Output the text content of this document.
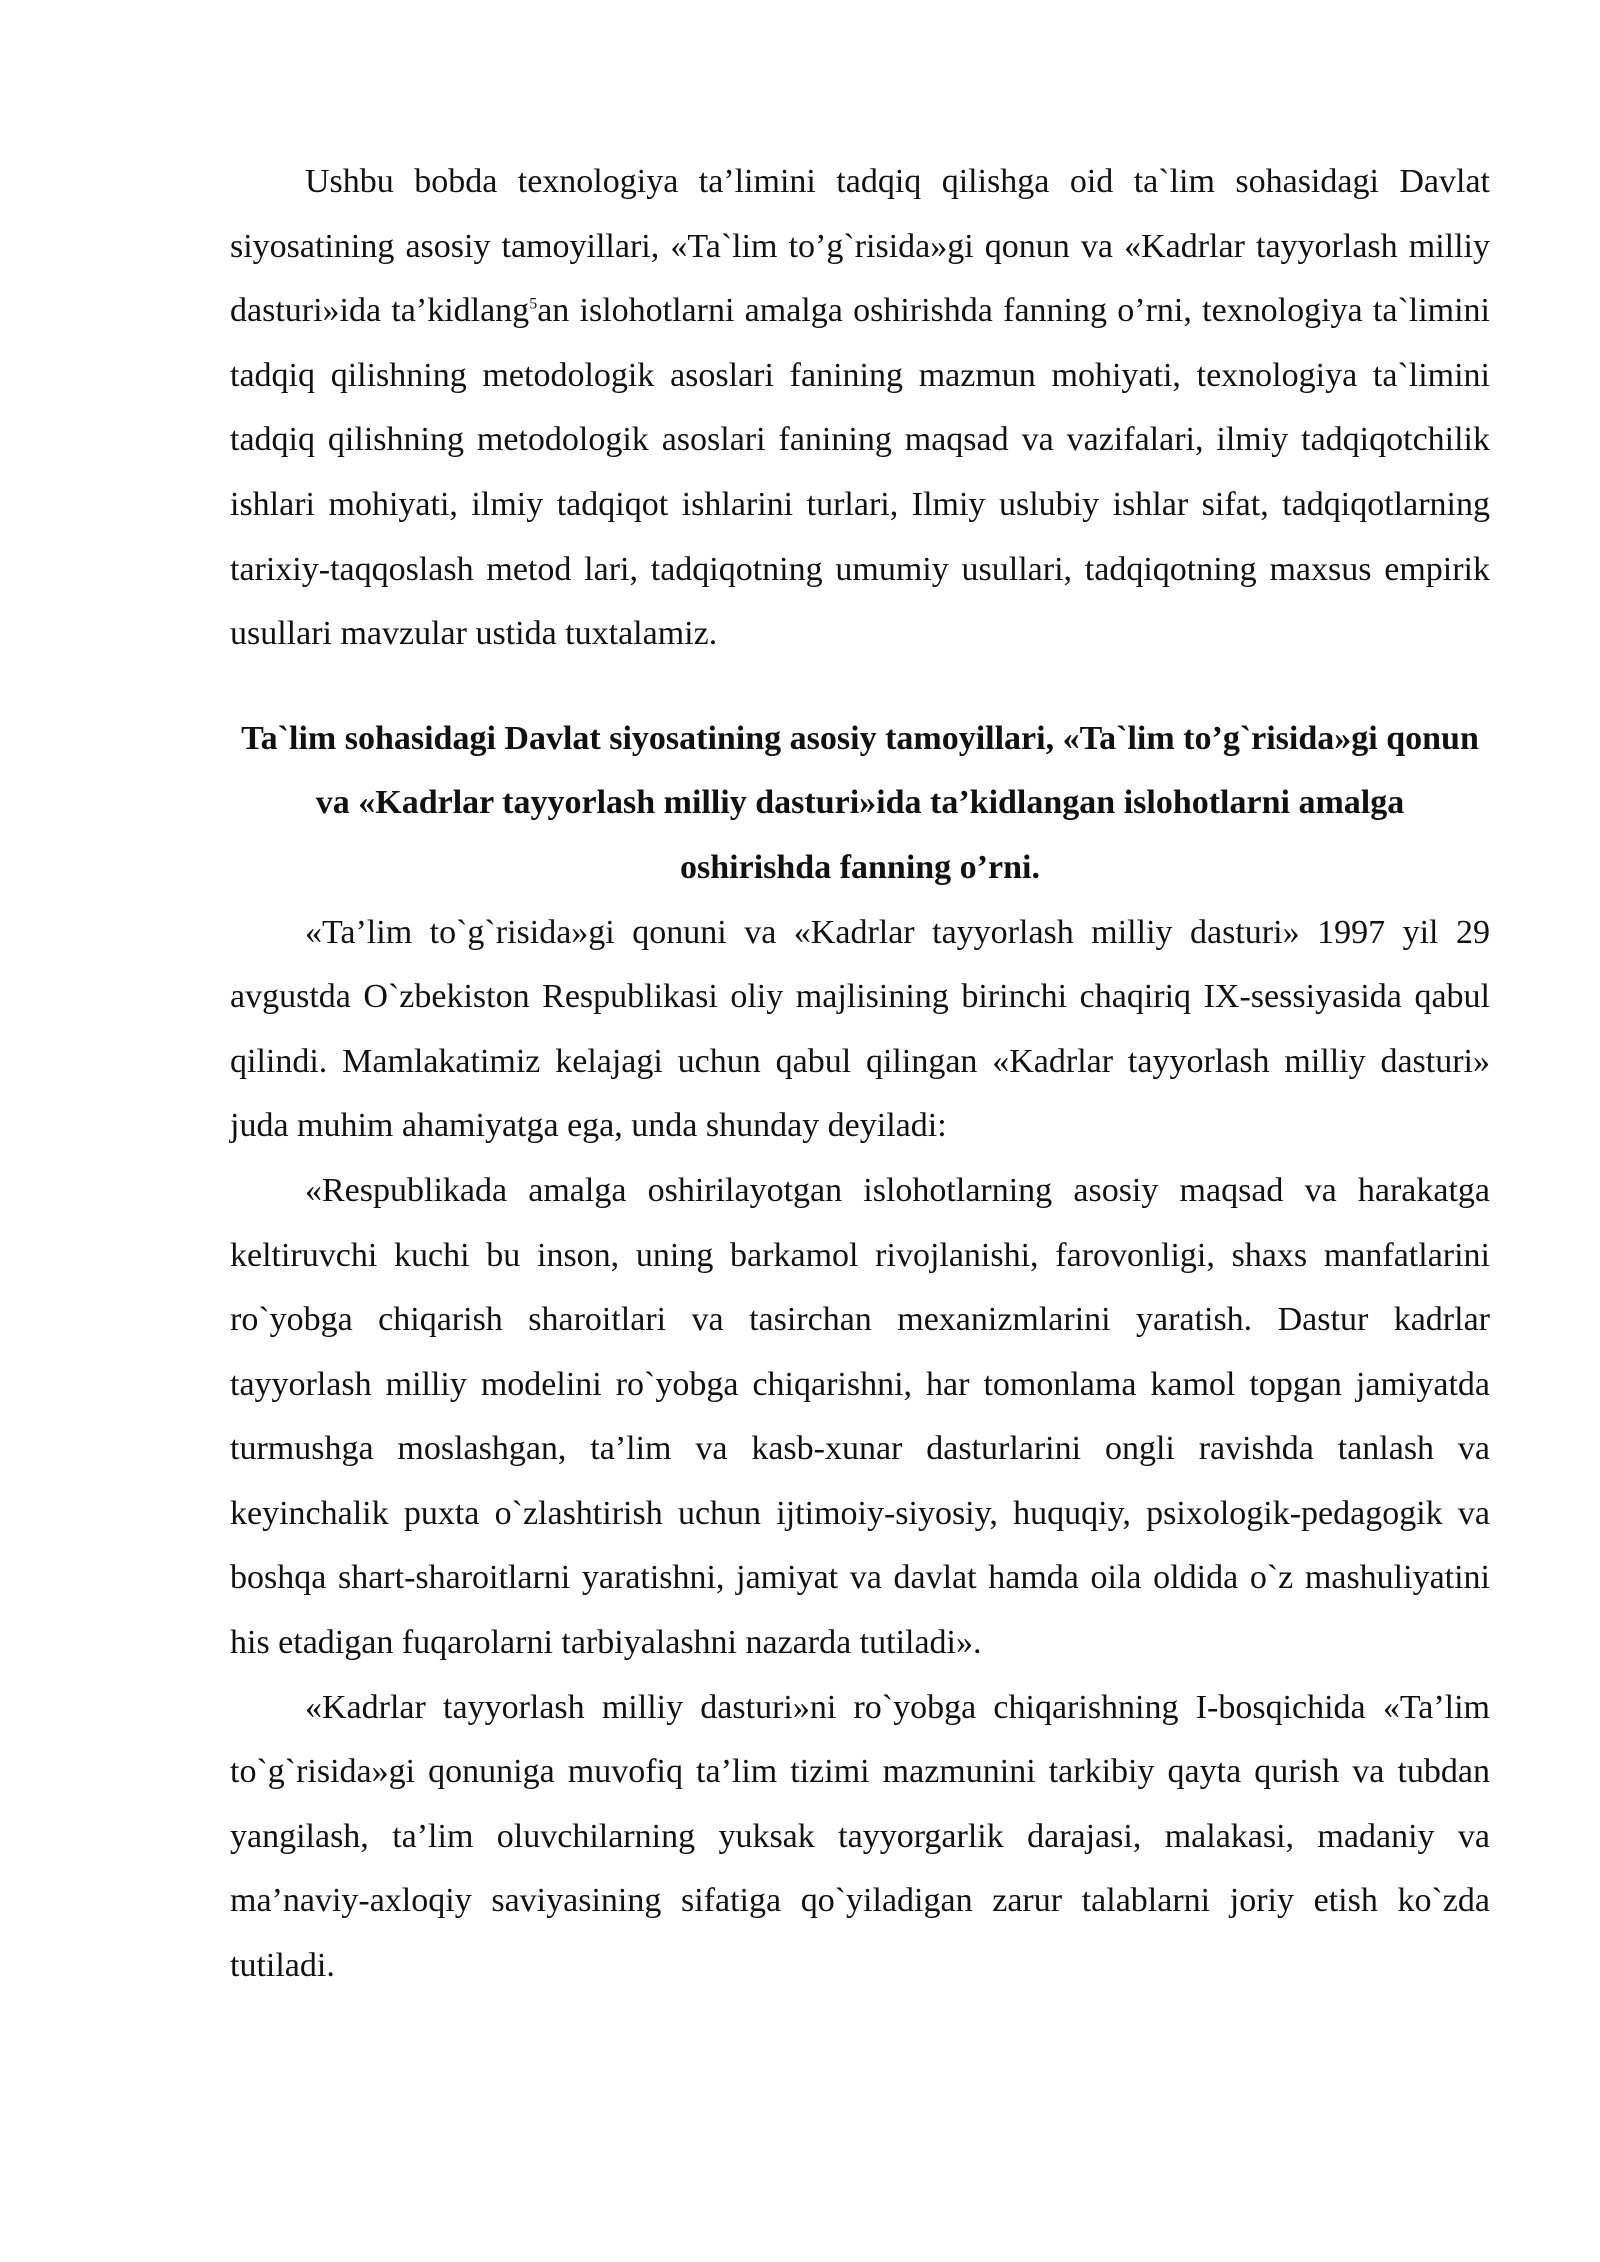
Ushbu bobda texnologiya ta’limini tadqiq qilishga oid ta`lim sohasidagi Davlat siyosatining asosiy tamoyillari, «Ta`lim to’g`risida»gi qonun va «Kadrlar tayyorlash milliy dasturi»ida ta’kidlang$^5$an islohotlarni amalga oshirishda fanning o’rni, texnologiya ta`limini tadqiq qilishning metodologik asoslari fanining mazmun mohiyati, texnologiya ta`limini tadqiq qilishning metodologik asoslari fanining maqsad va vazifalari, ilmiy tadqiqotchilik ishlari mohiyati, ilmiy tadqiqot ishlarini turlari, Ilmiy uslubiy ishlar sifat, tadqiqotlarning tarixiy-taqqoslash metod lari, tadqiqotning umumiy usullari, tadqiqotning maxsus empirik usullari mavzular ustida tuxtalamiz.

Ta`lim sohasidagi Davlat siyosatining asosiy tamoyillari, «Ta`lim to’g`risida»gi qonun va «Kadrlar tayyorlash milliy dasturi»ida ta’kidlangan islohotlarni amalga oshirishda fanning o’rni.

«Ta’lim to`g`risida»gi qonuni va «Kadrlar tayyorlash milliy dasturi» 1997 yil 29 avgustda O`zbekiston Respublikasi oliy majlisining birinchi chaqiriq IX-sessiyasida qabul qilindi. Mamlakatimiz kelajagi uchun qabul qilingan «Kadrlar tayyorlash milliy dasturi» juda muhim ahamiyatga ega, unda shunday deyiladi:

«Respublikada amalga oshirilayotgan islohotlarning asosiy maqsad va harakatga keltiruvchi kuchi bu inson, uning barkamol rivojlanishi, farovonligi, shaxs manfatlarini ro`yobga chiqarish sharoitlari va tasirchan mexanizmlarini yaratish. Dastur kadrlar tayyorlash milliy modelini ro`yobga chiqarishni, har tomonlama kamol topgan jamiyatda turmushga moslashgan, ta’lim va kasb-xunar dasturlarini ongli ravishda tanlash va keyinchalik puxta o`zlashtirish uchun ijtimoiy-siyosiy, huquqiy, psixologik-pedagogik va boshqa shart-sharoitlarni yaratishni, jamiyat va davlat hamda oila oldida o`z mashuliyatini his etadigan fuqarolarni tarbiyalashni nazarda tutiladi».

«Kadrlar tayyorlash milliy dasturi»ni ro`yobga chiqarishning I-bosqichida «Ta’lim to`g`risida»gi qonuniga muvofiq ta’lim tizimi mazmunini tarkibiy qayta qurish va tubdan yangilash, ta’lim oluvchilarning yuksak tayyorgarlik darajasi, malakasi, madaniy va ma’naviy-axloqiy saviyasining sifatiga qo`yiladigan zarur talablarni joriy etish ko`zda tutiladi.
